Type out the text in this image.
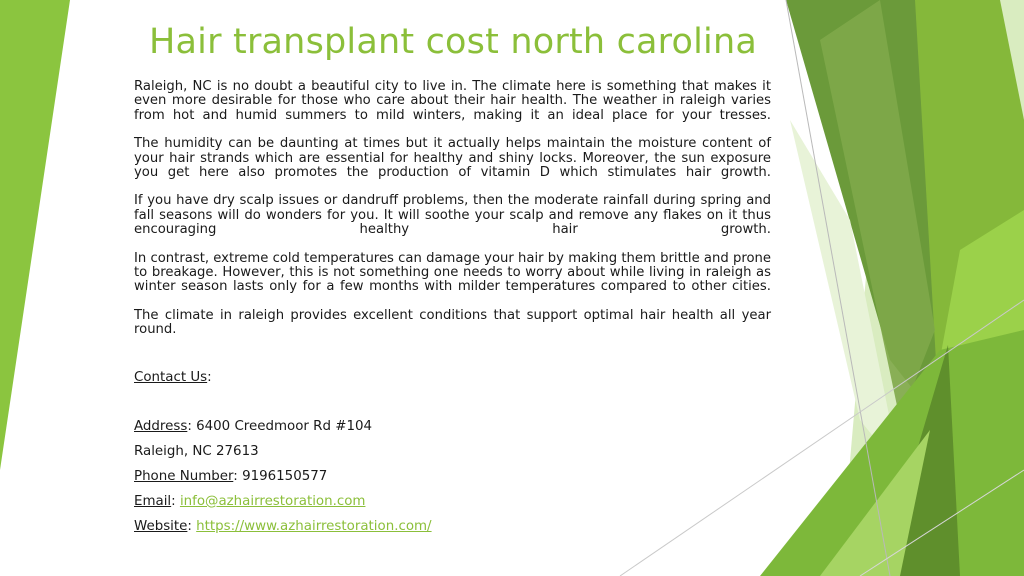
Hair transplant cost north carolina

Raleigh, NC is no doubt a beautiful city to live in. The climate here is something that makes it even more desirable for those who care about their hair health. The weather in raleigh varies from hot and humid summers to mild winters, making it an ideal place for your tresses.

The humidity can be daunting at times but it actually helps maintain the moisture content of your hair strands which are essential for healthy and shiny locks. Moreover, the sun exposure you get here also promotes the production of vitamin D which stimulates hair growth.

If you have dry scalp issues or dandruff problems, then the moderate rainfall during spring and fall seasons will do wonders for you. It will soothe your scalp and remove any flakes on it thus encouraging healthy hair growth.

In contrast, extreme cold temperatures can damage your hair by making them brittle and prone to breakage. However, this is not something one needs to worry about while living in raleigh as winter season lasts only for a few months with milder temperatures compared to other cities.

The climate in raleigh provides excellent conditions that support optimal hair health all year round.

Contact Us:

Address: 6400 Creedmoor Rd #104

Raleigh, NC 27613

Phone Number: 9196150577

Email: info@azhairrestoration.com

Website: https://www.azhairrestoration.com/
